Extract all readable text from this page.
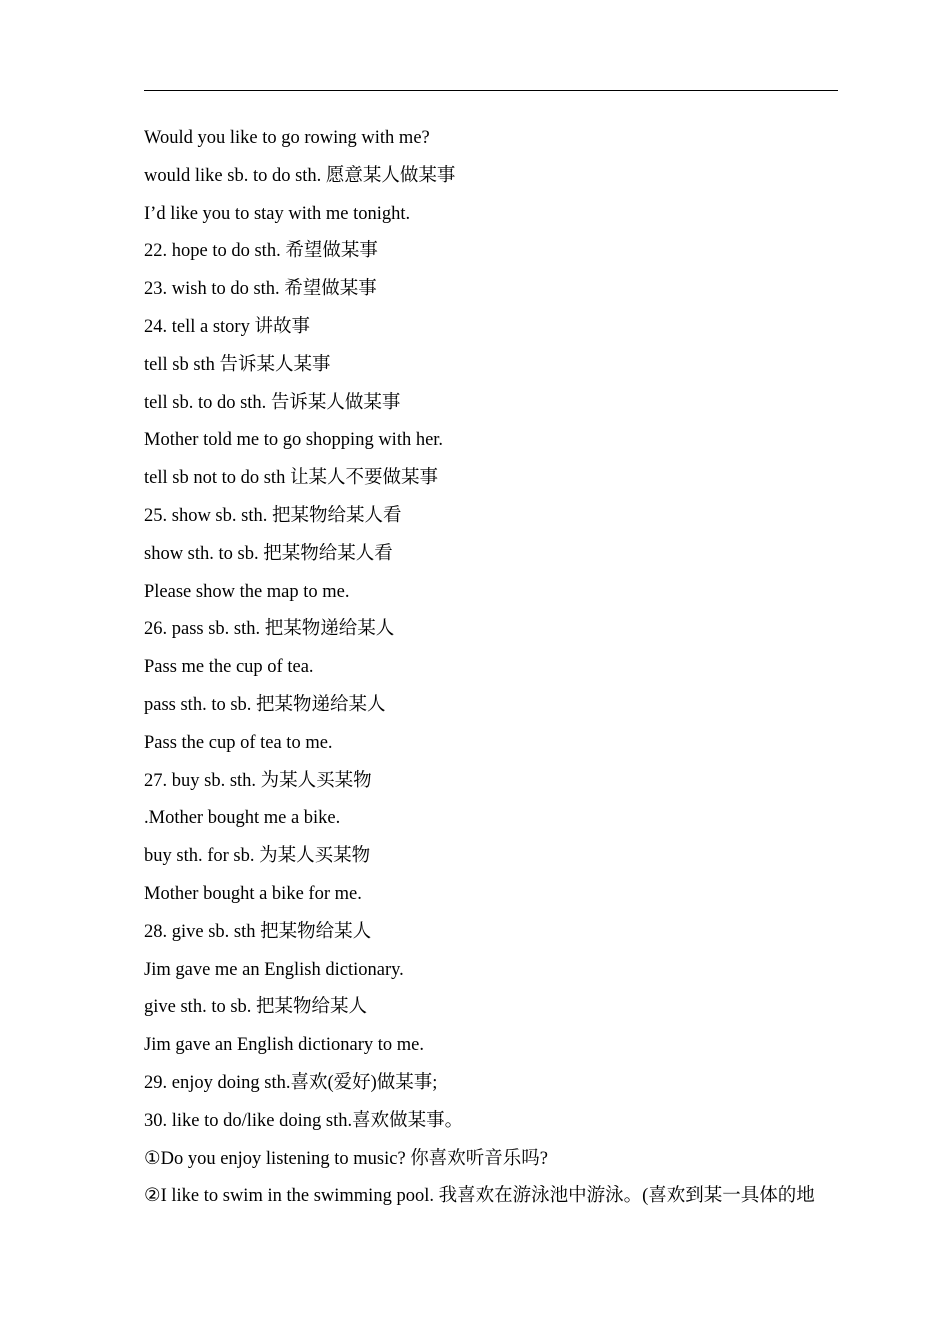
Would you like to go rowing with me?
would like sb. to do sth. 愿意某人做某事
I’d like you to stay with me tonight.
22. hope to do sth. 希望做某事
23. wish to do sth. 希望做某事
24. tell a story 讲故事
tell sb sth 告诉某人某事
tell sb. to do sth. 告诉某人做某事
Mother told me to go shopping with her.
tell sb not to do sth 让某人不要做某事
25. show sb. sth. 把某物给某人看
show sth. to sb. 把某物给某人看
Please show the map to me.
26. pass sb. sth. 把某物递给某人
Pass me the cup of tea.
pass sth. to sb. 把某物递给某人
Pass the cup of tea to me.
27. buy sb. sth. 为某人买某物
.Mother bought me a bike.
buy sth. for sb. 为某人买某物
Mother bought a bike for me.
28. give sb. sth 把某物给某人
Jim gave me an English dictionary.
give sth. to sb. 把某物给某人
Jim gave an English dictionary to me.
29. enjoy doing sth.喜欢(爱好)做某事;
30. like to do/like doing sth.喜欢做某事。
①Do you enjoy listening to music? 你喜欢听音乐吗?
②I like to swim in the swimming pool. 我喜欢在游泳池中游泳。(喜欢到某一具体的地
